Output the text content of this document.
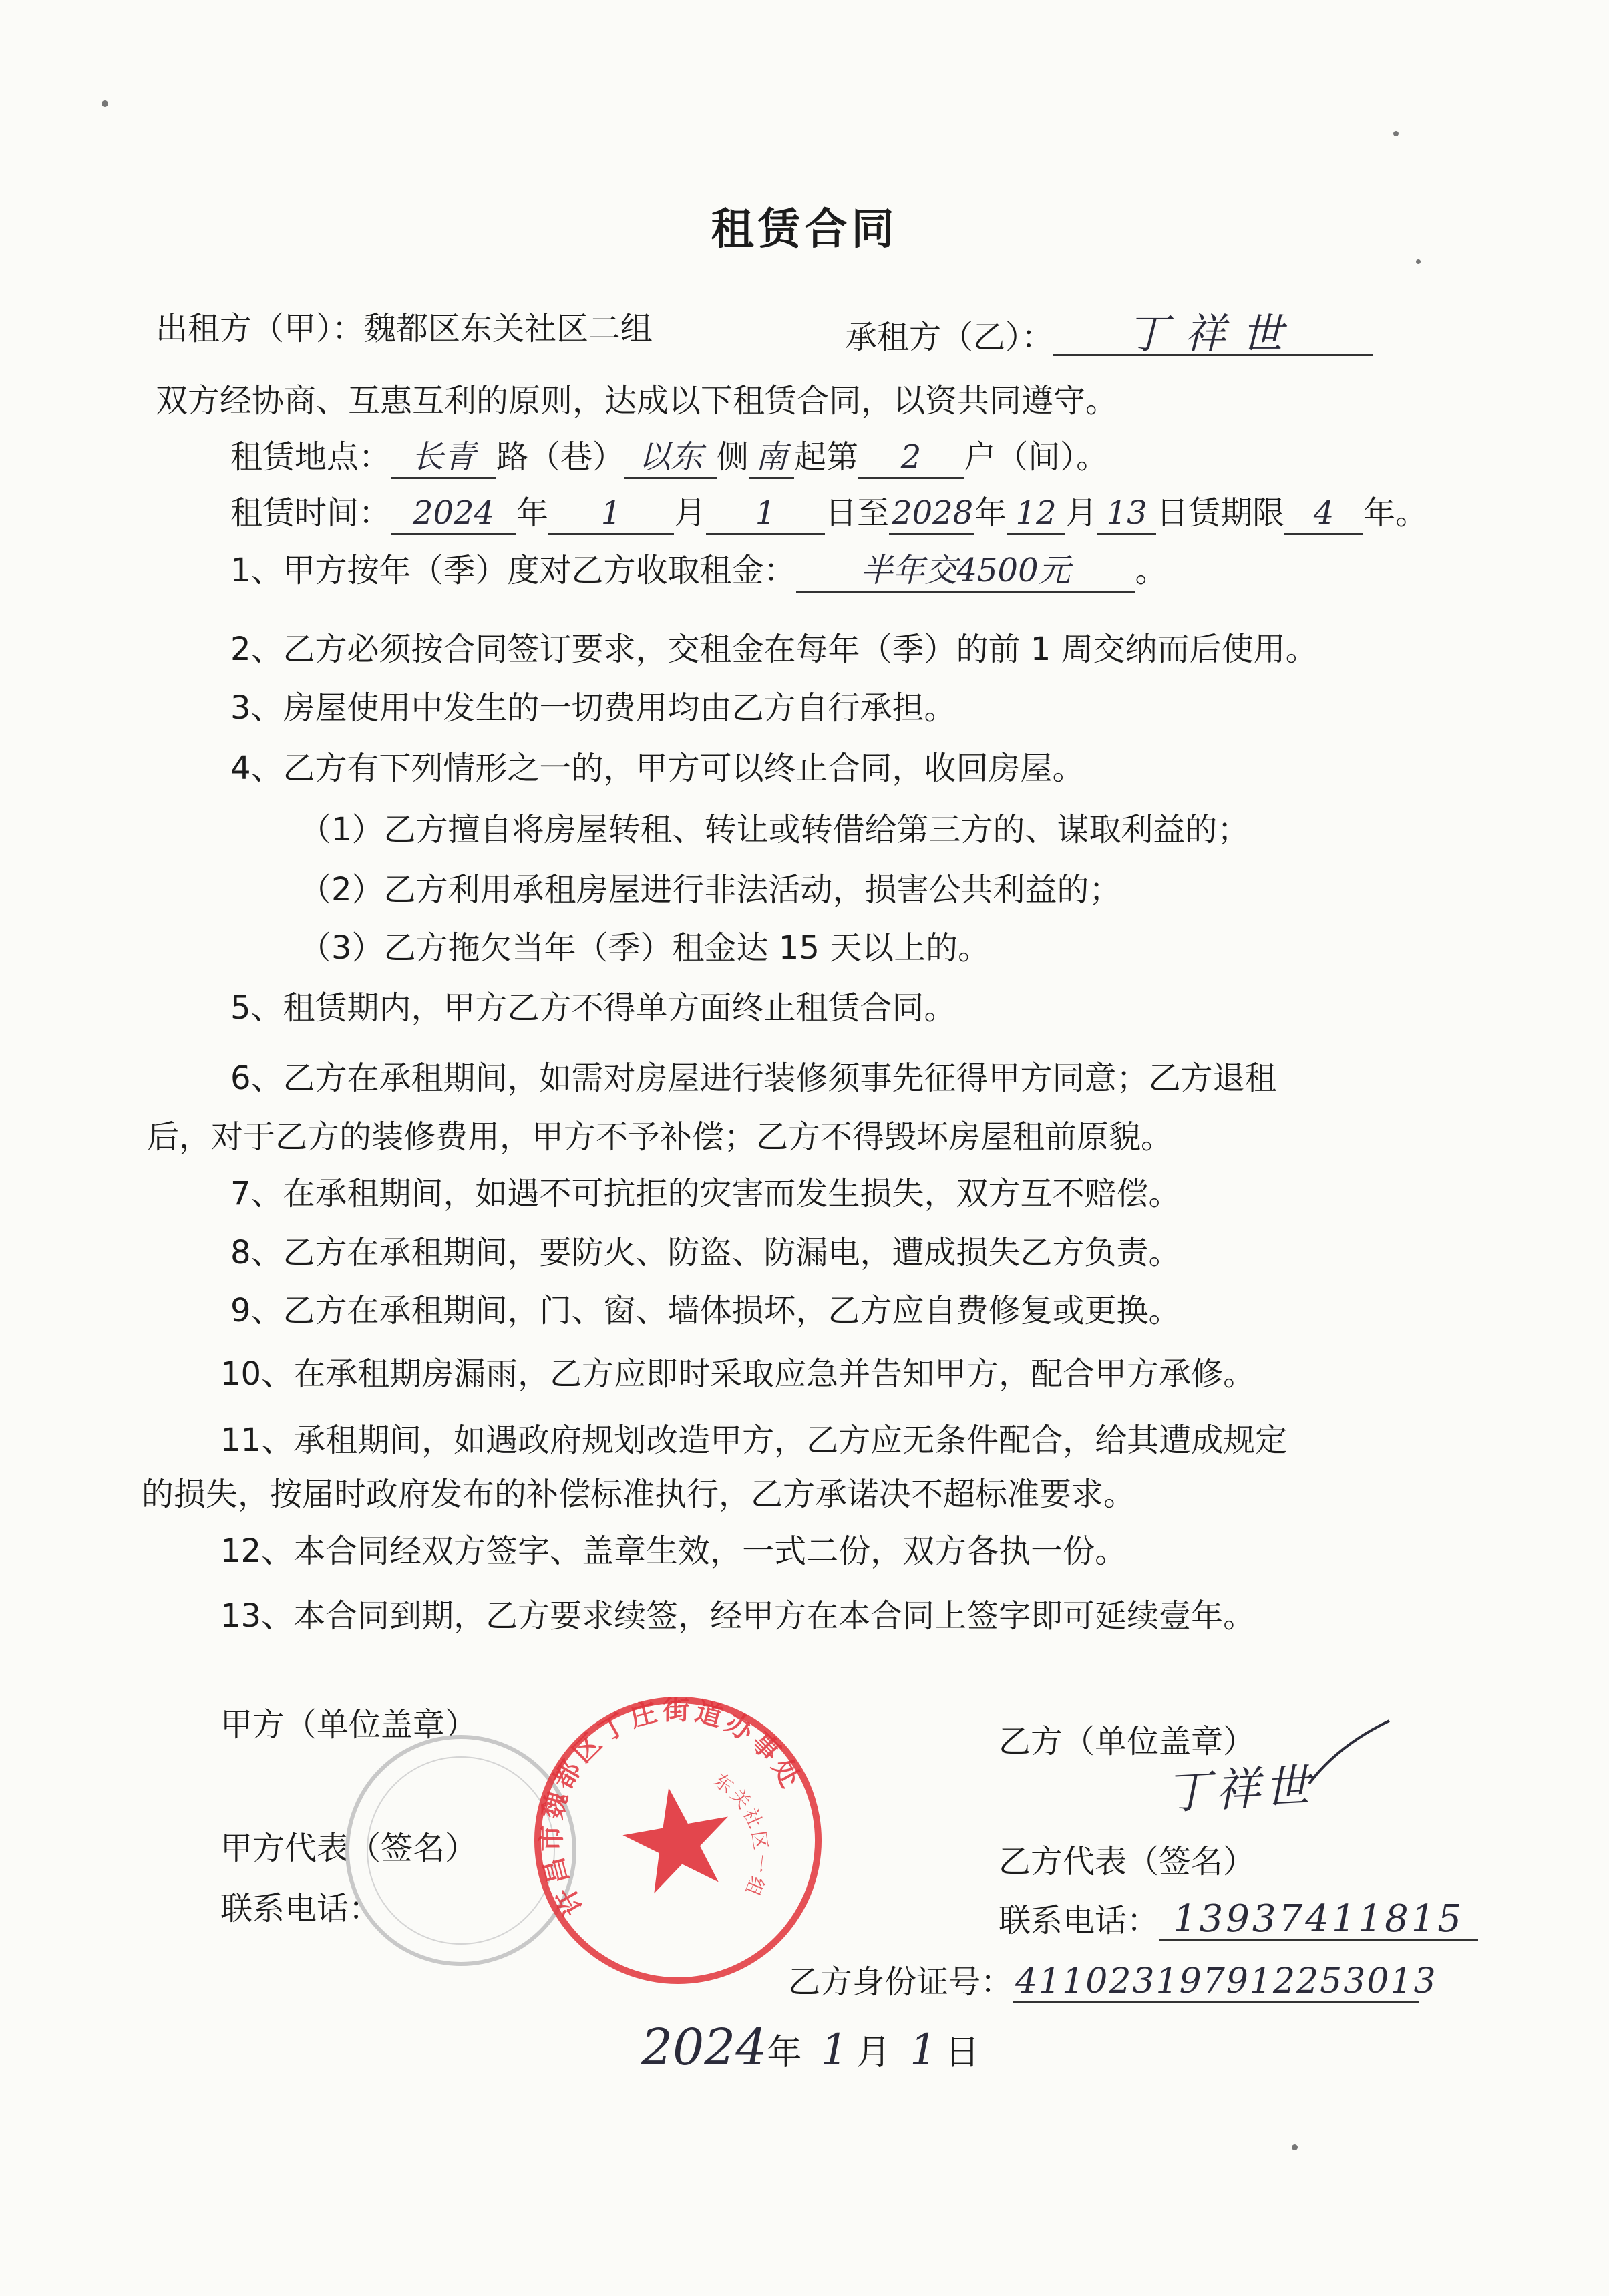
租赁合同
出租方（甲）：魏都区东关社区二组	承租方（乙）： 丁祥世
双方经协商、互惠互利的原则，达成以下租赁合同，以资共同遵守。
租赁地点： 长青 路（巷） 以东 侧 南 起第 2 户（间）。
租赁时间： 2024 年 1 月 1 日至2028年 12 月 13 日赁期限 4 年。
1、甲方按年（季）度对乙方收取租金： 半年交4500元 。
2、乙方必须按合同签订要求，交租金在每年（季）的前 1 周交纳而后使用。
3、房屋使用中发生的一切费用均由乙方自行承担。
4、乙方有下列情形之一的，甲方可以终止合同，收回房屋。
（1）乙方擅自将房屋转租、转让或转借给第三方的、谋取利益的；
（2）乙方利用承租房屋进行非法活动，损害公共利益的；
（3）乙方拖欠当年（季）租金达 15 天以上的。
5、租赁期内，甲方乙方不得单方面终止租赁合同。
6、乙方在承租期间，如需对房屋进行装修须事先征得甲方同意；乙方退租
后，对于乙方的装修费用，甲方不予补偿；乙方不得毁坏房屋租前原貌。
7、在承租期间，如遇不可抗拒的灾害而发生损失，双方互不赔偿。
8、乙方在承租期间，要防火、防盗、防漏电，遭成损失乙方负责。
9、乙方在承租期间，门、窗、墙体损坏，乙方应自费修复或更换。
10、在承租期房漏雨，乙方应即时采取应急并告知甲方，配合甲方承修。
11、承租期间，如遇政府规划改造甲方，乙方应无条件配合，给其遭成规定
的损失，按届时政府发布的补偿标准执行，乙方承诺决不超标准要求。
12、本合同经双方签字、盖章生效，一式二份，双方各执一份。
13、本合同到期，乙方要求续签，经甲方在本合同上签字即可延续壹年。
甲方（单位盖章）
甲方代表（签名）
联系电话：
乙方（单位盖章）
丁祥世
乙方代表（签名）
联系电话： 13937411815
乙方身份证号：411023197912253013
2024年 1 月 1 日
许昌市魏都区丁庄街道办事处
东关社区一组
